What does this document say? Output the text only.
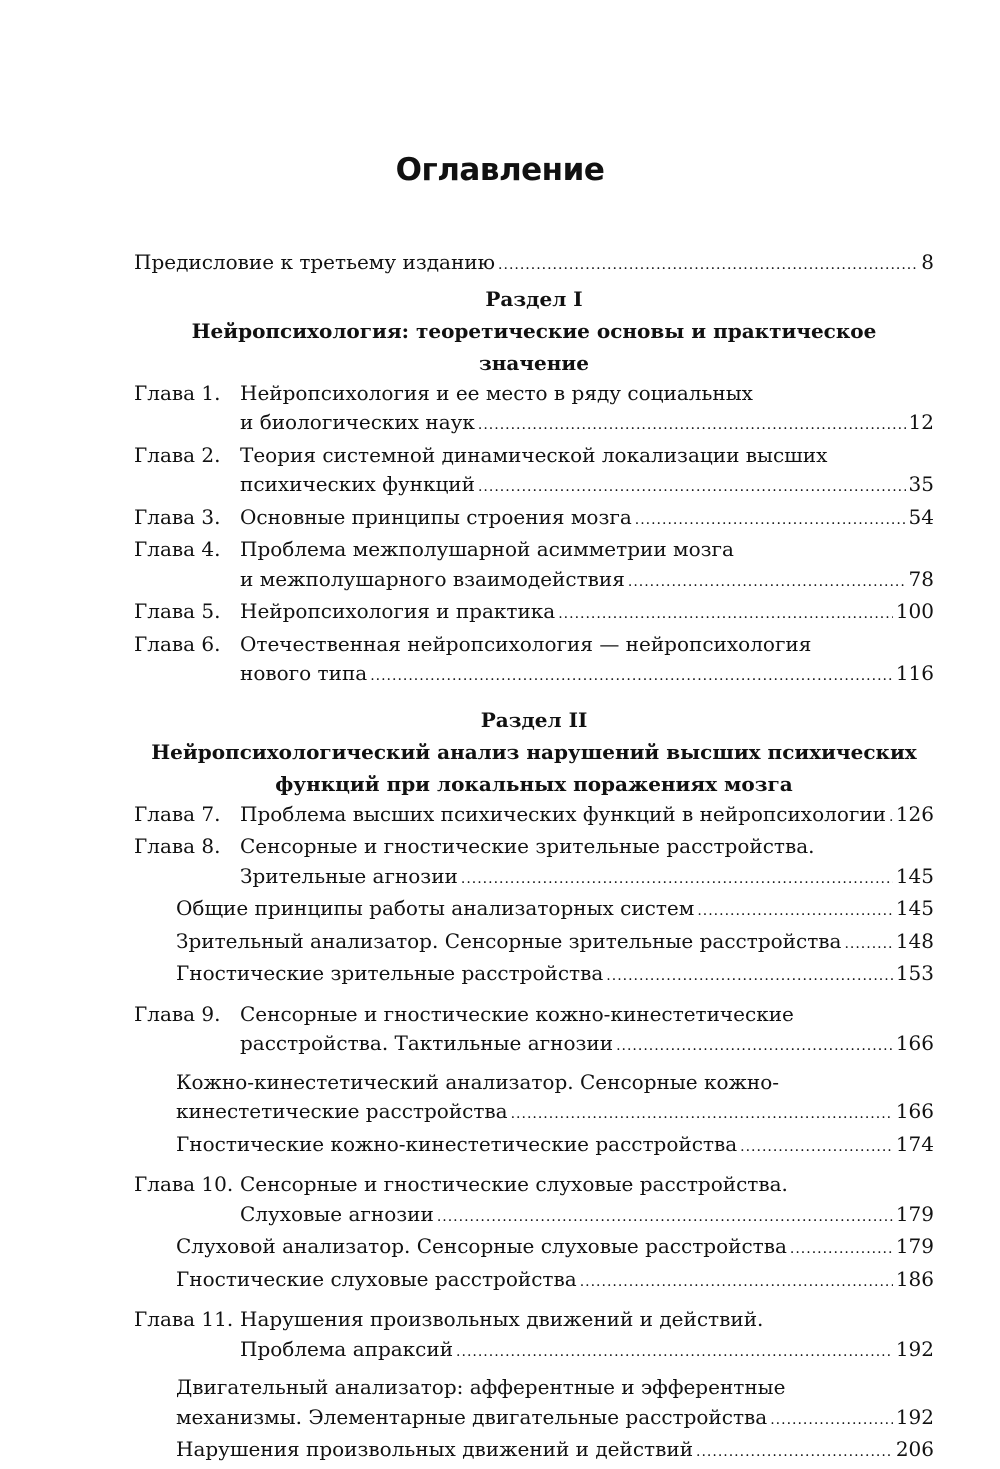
Оглавление
Предисловие к третьему изданию .....	8
Раздел I
Нейропсихология: теоретические основы и практическое значение
Глава 1. Нейропсихология и ее место в ряду социальных
и биологических наук .....	12
Глава 2. Теория системной динамической локализации высших
психических функций .....	35
Глава 3. Основные принципы строения мозга .....	54
Глава 4. Проблема межполушарной асимметрии мозга
и межполушарного взаимодействия .....	78
Глава 5. Нейропсихология и практика .....	100
Глава 6. Отечественная нейропсихология — нейропсихология
нового типа .....	116
Раздел II
Нейропсихологический анализ нарушений высших психических
функций при локальных поражениях мозга
Глава 7. Проблема высших психических функций в нейропсихологии ..... 126
Глава 8. Сенсорные и гностические зрительные расстройства.
Зрительные агнозии .....	145
Общие принципы работы анализаторных систем .....	145
Зрительный анализатор. Сенсорные зрительные расстройства .....	148
Гностические зрительные расстройства .....	153
Глава 9. Сенсорные и гностические кожно-кинестетические
расстройства. Тактильные агнозии .....	166
Кожно-кинестетический анализатор. Сенсорные кожно-
кинестетические расстройства .....	166
Гностические кожно-кинестетические расстройства .....	174
Глава 10. Сенсорные и гностические слуховые расстройства.
Слуховые агнозии .....	179
Слуховой анализатор. Сенсорные слуховые расстройства .....	179
Гностические слуховые расстройства .....	186
Глава 11. Нарушения произвольных движений и действий.
Проблема апраксий .....	192
Двигательный анализатор: афферентные и эфферентные
механизмы. Элементарные двигательные расстройства .....	192
Нарушения произвольных движений и действий .....	206
